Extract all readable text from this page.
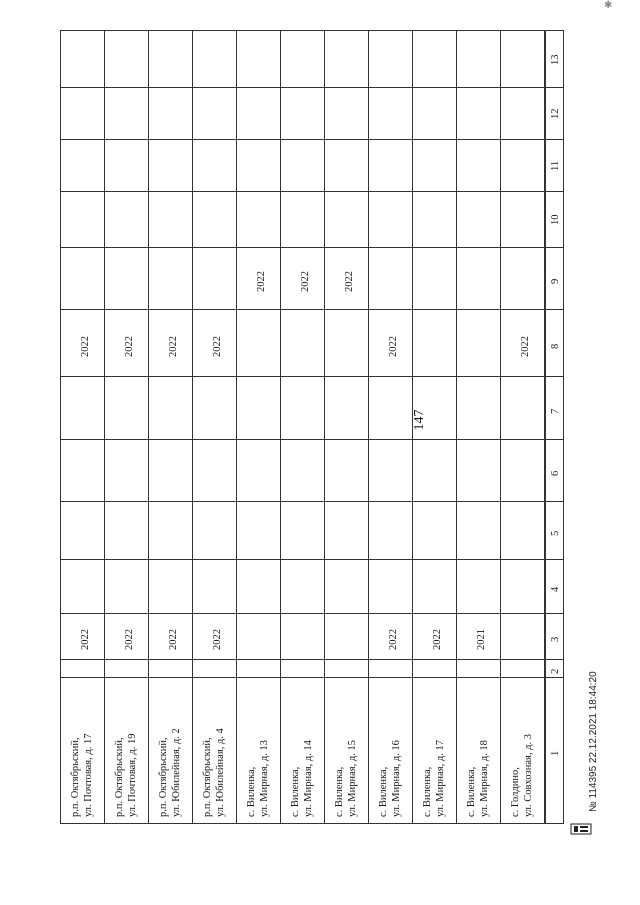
✱
147
13
12
11
10
9
8
7
6
5
4
3
2
1
р.п. Октябрьский, ул. Почтовая, д. 17
2022
2022
р.п. Октябрьский, ул. Почтовая, д. 19
2022
2022
р.п. Октябрьский, ул. Юбилейная, д. 2
2022
2022
р.п. Октябрьский, ул. Юбилейная, д. 4
2022
2022
с. Виленка, ул. Мирная, д. 13
2022
с. Виленка, ул. Мирная, д. 14
2022
с. Виленка, ул. Мирная, д. 15
2022
с. Виленка, ул. Мирная, д. 16
2022
2022
с. Виленка, ул. Мирная, д. 17
2022
с. Виленка, ул. Мирная, д. 18
2021
с. Голдино, ул. Совхозная, д. 3
2022
№ 114395 22.12.2021 18:44:20
